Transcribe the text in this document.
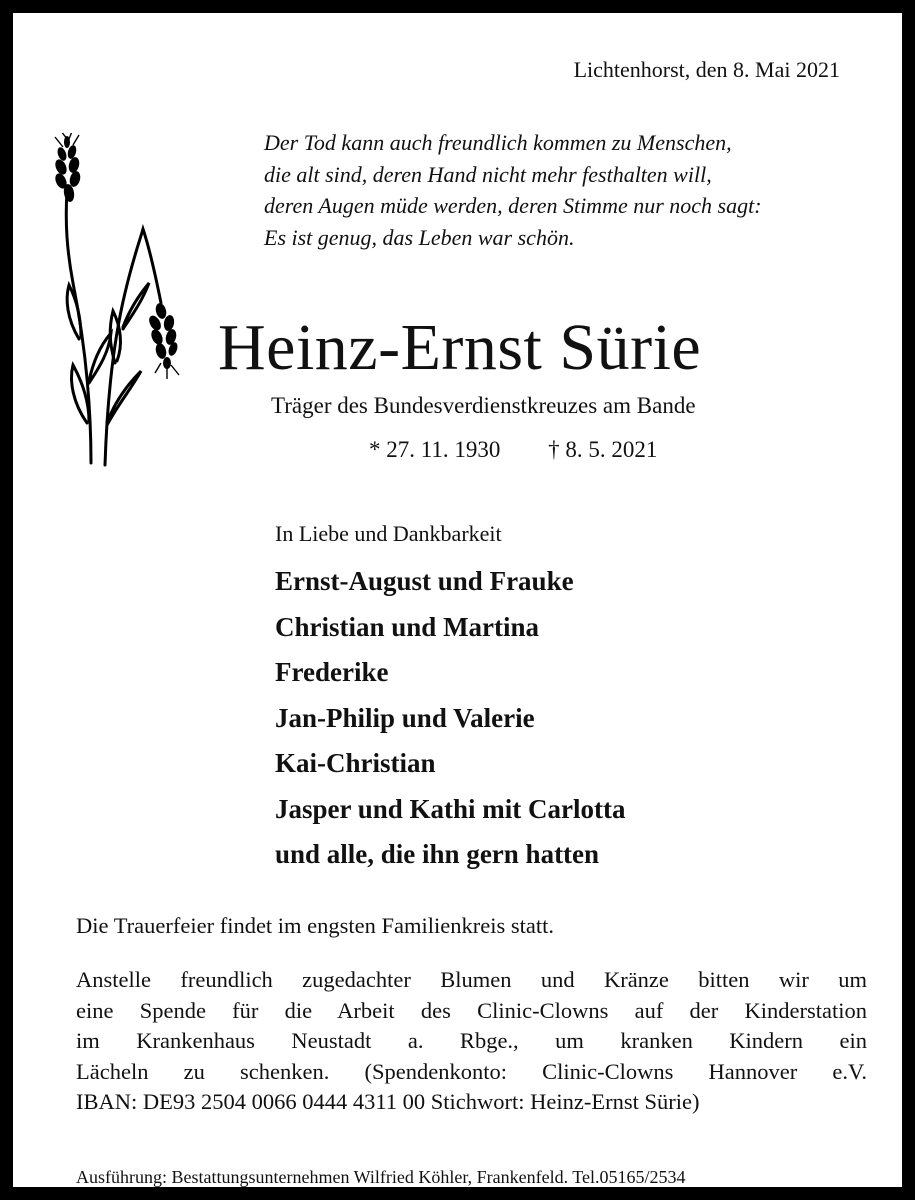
Lichtenhorst, den 8. Mai 2021
Der Tod kann auch freundlich kommen zu Menschen,
die alt sind, deren Hand nicht mehr festhalten will,
deren Augen müde werden, deren Stimme nur noch sagt:
Es ist genug, das Leben war schön.
Heinz-Ernst Sürie
Träger des Bundesverdienstkreuzes am Bande
* 27. 11. 1930 † 8. 5. 2021
In Liebe und Dankbarkeit
Ernst-August und Frauke
Christian und Martina
Frederike
Jan-Philip und Valerie
Kai-Christian
Jasper und Kathi mit Carlotta
und alle, die ihn gern hatten
Die Trauerfeier findet im engsten Familienkreis statt.
Anstelle freundlich zugedachter Blumen und Kränze bitten wir um
eine Spende für die Arbeit des Clinic-Clowns auf der Kinderstation
im Krankenhaus Neustadt a. Rbge., um kranken Kindern ein
Lächeln zu schenken. (Spendenkonto: Clinic-Clowns Hannover e.V.
IBAN: DE93 2504 0066 0444 4311 00 Stichwort: Heinz-Ernst Sürie)
Ausführung: Bestattungsunternehmen Wilfried Köhler, Frankenfeld. Tel.05165/2534
